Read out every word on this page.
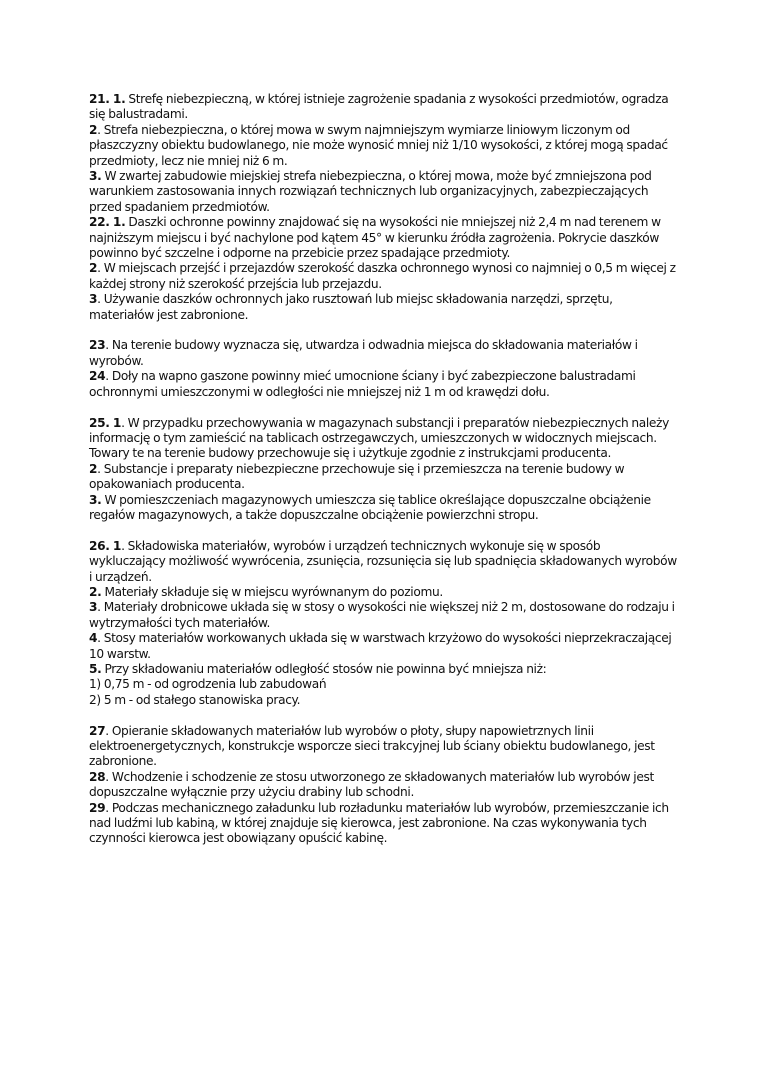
21. 1. Strefę niebezpieczną, w której istnieje zagrożenie spadania z wysokości przedmiotów, ogradza się balustradami.

2. Strefa niebezpieczna, o której mowa w swym najmniejszym wymiarze liniowym liczonym od płaszczyzny obiektu budowlanego, nie może wynosić mniej niż 1/10 wysokości, z której mogą spadać przedmioty, lecz nie mniej niż 6 m.

3. W zwartej zabudowie miejskiej strefa niebezpieczna, o której mowa, może być zmniejszona pod warunkiem zastosowania innych rozwiązań technicznych lub organizacyjnych, zabezpieczających przed spadaniem przedmiotów.

22. 1. Daszki ochronne powinny znajdować się na wysokości nie mniejszej niż 2,4 m nad terenem w najniższym miejscu i być nachylone pod kątem 45° w kierunku źródła zagrożenia. Pokrycie daszków powinno być szczelne i odporne na przebicie przez spadające przedmioty.

2. W miejscach przejść i przejazdów szerokość daszka ochronnego wynosi co najmniej o 0,5 m więcej z każdej strony niż szerokość przejścia lub przejazdu.

3. Używanie daszków ochronnych jako rusztowań lub miejsc składowania narzędzi, sprzętu, materiałów jest zabronione.

23. Na terenie budowy wyznacza się, utwardza i odwadnia miejsca do składowania materiałów i wyrobów.

24. Doły na wapno gaszone powinny mieć umocnione ściany i być zabezpieczone balustradami ochronnymi umieszczonymi w odległości nie mniejszej niż 1 m od krawędzi dołu.

25. 1. W przypadku przechowywania w magazynach substancji i preparatów niebezpiecznych należy informację o tym zamieścić na tablicach ostrzegawczych, umieszczonych w widocznych miejscach. Towary te na terenie budowy przechowuje się i użytkuje zgodnie z instrukcjami producenta.

2. Substancje i preparaty niebezpieczne przechowuje się i przemieszcza na terenie budowy w opakowaniach producenta.

3. W pomieszczeniach magazynowych umieszcza się tablice określające dopuszczalne obciążenie regałów magazynowych, a także dopuszczalne obciążenie powierzchni stropu.

26. 1. Składowiska materiałów, wyrobów i urządzeń technicznych wykonuje się w sposób wykluczający możliwość wywrócenia, zsunięcia, rozsunięcia się lub spadnięcia składowanych wyrobów i urządzeń.

2. Materiały składuje się w miejscu wyrównanym do poziomu.

3. Materiały drobnicowe układa się w stosy o wysokości nie większej niż 2 m, dostosowane do rodzaju i wytrzymałości tych materiałów.

4. Stosy materiałów workowanych układa się w warstwach krzyżowo do wysokości nieprzekraczającej 10 warstw.

5. Przy składowaniu materiałów odległość stosów nie powinna być mniejsza niż:

1) 0,75 m - od ogrodzenia lub zabudowań

2) 5 m - od stałego stanowiska pracy.

27. Opieranie składowanych materiałów lub wyrobów o płoty, słupy napowietrznych linii elektroenergetycznych, konstrukcje wsporcze sieci trakcyjnej lub ściany obiektu budowlanego, jest zabronione.

28. Wchodzenie i schodzenie ze stosu utworzonego ze składowanych materiałów lub wyrobów jest dopuszczalne wyłącznie przy użyciu drabiny lub schodni.

29. Podczas mechanicznego załadunku lub rozładunku materiałów lub wyrobów, przemieszczanie ich nad ludźmi lub kabiną, w której znajduje się kierowca, jest zabronione. Na czas wykonywania tych czynności kierowca jest obowiązany opuścić kabinę.
